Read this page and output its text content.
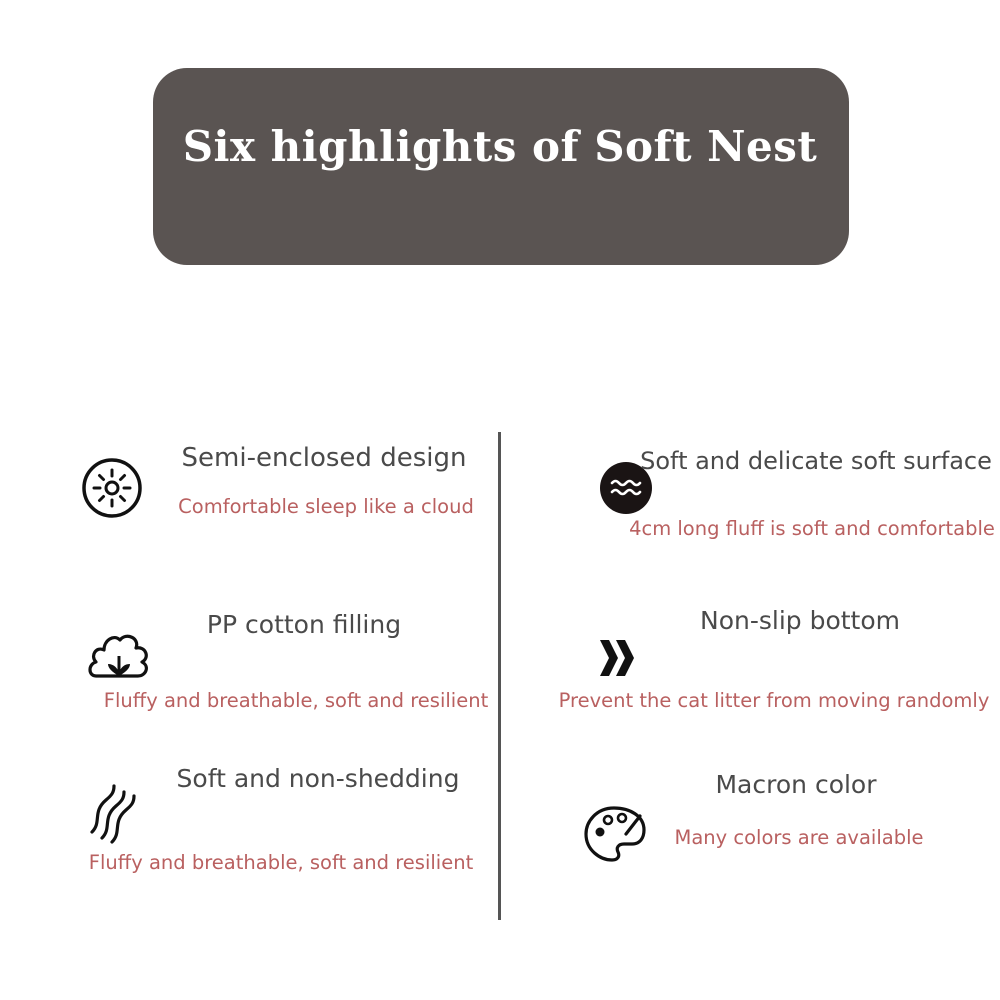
Six highlights of Soft Nest

Semi-enclosed design

Comfortable sleep like a cloud

Soft and delicate soft surface

4cm long fluff is soft and comfortable

PP cotton filling

Fluffy and breathable, soft and resilient

Non-slip bottom

Prevent the cat litter from moving randomly

Soft and non-shedding

Fluffy and breathable, soft and resilient

Macron color

Many colors are available
